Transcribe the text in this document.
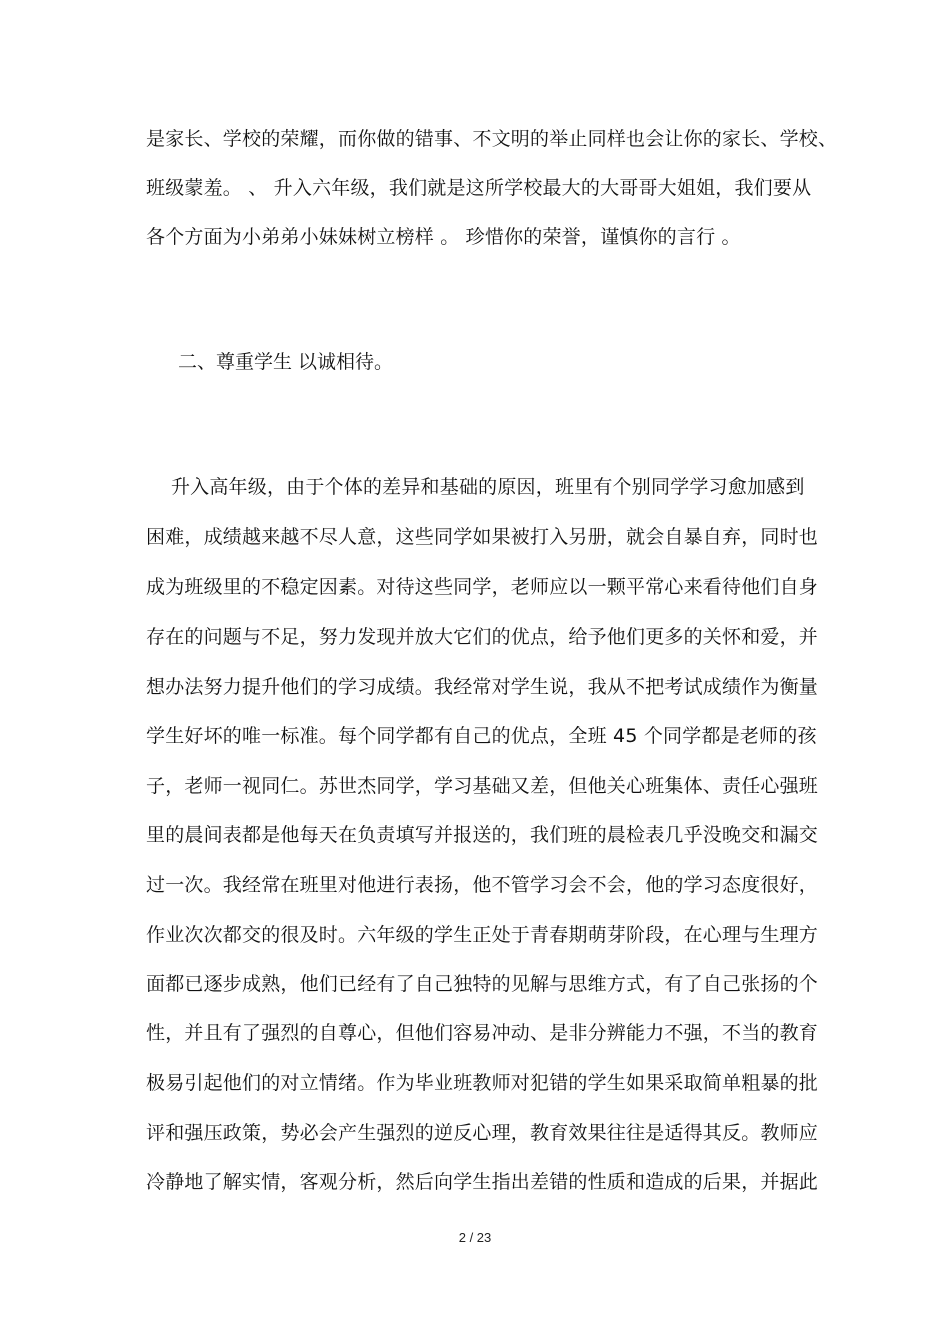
是家长、学校的荣耀，而你做的错事、不文明的举止同样也会让你的家长、学校、
班级蒙羞。 、 升入六年级，我们就是这所学校最大的大哥哥大姐姐，我们要从
各个方面为小弟弟小妹妹树立榜样 。 珍惜你的荣誉，谨慎你的言行 。
二、尊重学生 以诚相待。
升入高年级，由于个体的差异和基础的原因，班里有个别同学学习愈加感到
困难，成绩越来越不尽人意，这些同学如果被打入另册，就会自暴自弃，同时也
成为班级里的不稳定因素。对待这些同学，老师应以一颗平常心来看待他们自身
存在的问题与不足，努力发现并放大它们的优点，给予他们更多的关怀和爱，并
想办法努力提升他们的学习成绩。我经常对学生说，我从不把考试成绩作为衡量
学生好坏的唯一标准。每个同学都有自己的优点，全班 45 个同学都是老师的孩
子，老师一视同仁。苏世杰同学，学习基础又差，但他关心班集体、责任心强班
里的晨间表都是他每天在负责填写并报送的，我们班的晨检表几乎没晚交和漏交
过一次。我经常在班里对他进行表扬，他不管学习会不会，他的学习态度很好，
作业次次都交的很及时。六年级的学生正处于青春期萌芽阶段，在心理与生理方
面都已逐步成熟，他们已经有了自己独特的见解与思维方式，有了自己张扬的个
性，并且有了强烈的自尊心，但他们容易冲动、是非分辨能力不强，不当的教育
极易引起他们的对立情绪。作为毕业班教师对犯错的学生如果采取简单粗暴的批
评和强压政策，势必会产生强烈的逆反心理，教育效果往往是适得其反。教师应
冷静地了解实情，客观分析，然后向学生指出差错的性质和造成的后果，并据此
2 / 23
